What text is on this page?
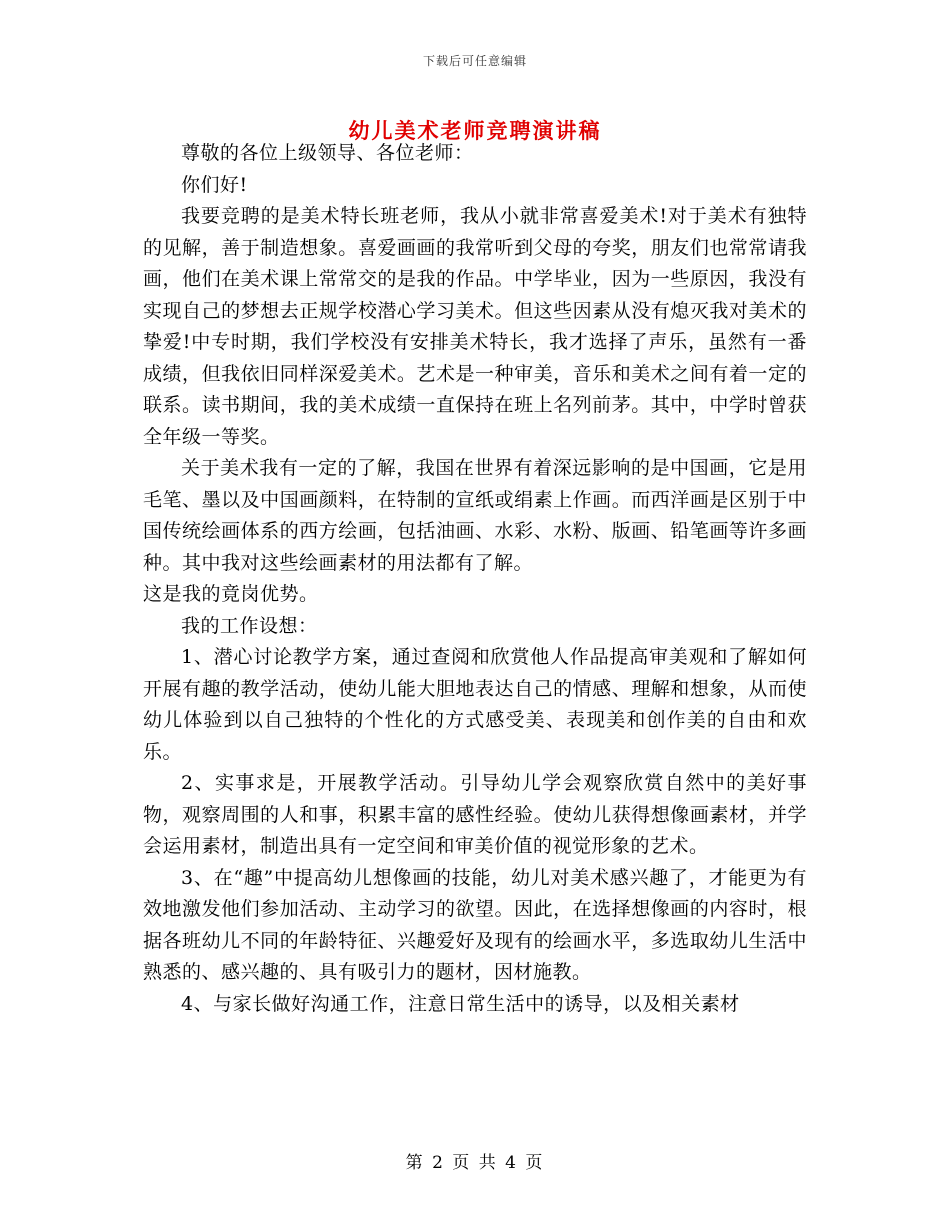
下载后可任意编辑
幼儿美术老师竞聘演讲稿

尊敬的各位上级领导、各位老师：

你们好!

我要竞聘的是美术特长班老师，我从小就非常喜爱美术!对于美术有独特的见解，善于制造想象。喜爱画画的我常听到父母的夸奖，朋友们也常常请我画，他们在美术课上常常交的是我的作品。中学毕业，因为一些原因，我没有实现自己的梦想去正规学校潜心学习美术。但这些因素从没有熄灭我对美术的挚爱!中专时期，我们学校没有安排美术特长，我才选择了声乐，虽然有一番成绩，但我依旧同样深爱美术。艺术是一种审美，音乐和美术之间有着一定的联系。读书期间，我的美术成绩一直保持在班上名列前茅。其中，中学时曾获全年级一等奖。

关于美术我有一定的了解，我国在世界有着深远影响的是中国画，它是用毛笔、墨以及中国画颜料，在特制的宣纸或绢素上作画。而西洋画是区别于中国传统绘画体系的西方绘画，包括油画、水彩、水粉、版画、铅笔画等许多画种。其中我对这些绘画素材的用法都有了解。

这是我的竟岗优势。

我的工作设想：

1、潜心讨论教学方案，通过查阅和欣赏他人作品提高审美观和了解如何开展有趣的教学活动，使幼儿能大胆地表达自己的情感、理解和想象，从而使幼儿体验到以自己独特的个性化的方式感受美、表现美和创作美的自由和欢乐。

2、实事求是，开展教学活动。引导幼儿学会观察欣赏自然中的美好事物，观察周围的人和事，积累丰富的感性经验。使幼儿获得想像画素材，并学会运用素材，制造出具有一定空间和审美价值的视觉形象的艺术。

3、在“趣”中提高幼儿想像画的技能，幼儿对美术感兴趣了，才能更为有效地激发他们参加活动、主动学习的欲望。因此，在选择想像画的内容时，根据各班幼儿不同的年龄特征、兴趣爱好及现有的绘画水平，多选取幼儿生活中熟悉的、感兴趣的、具有吸引力的题材，因材施教。

4、与家长做好沟通工作，注意日常生活中的诱导，以及相关素材

第 2 页 共 4 页
